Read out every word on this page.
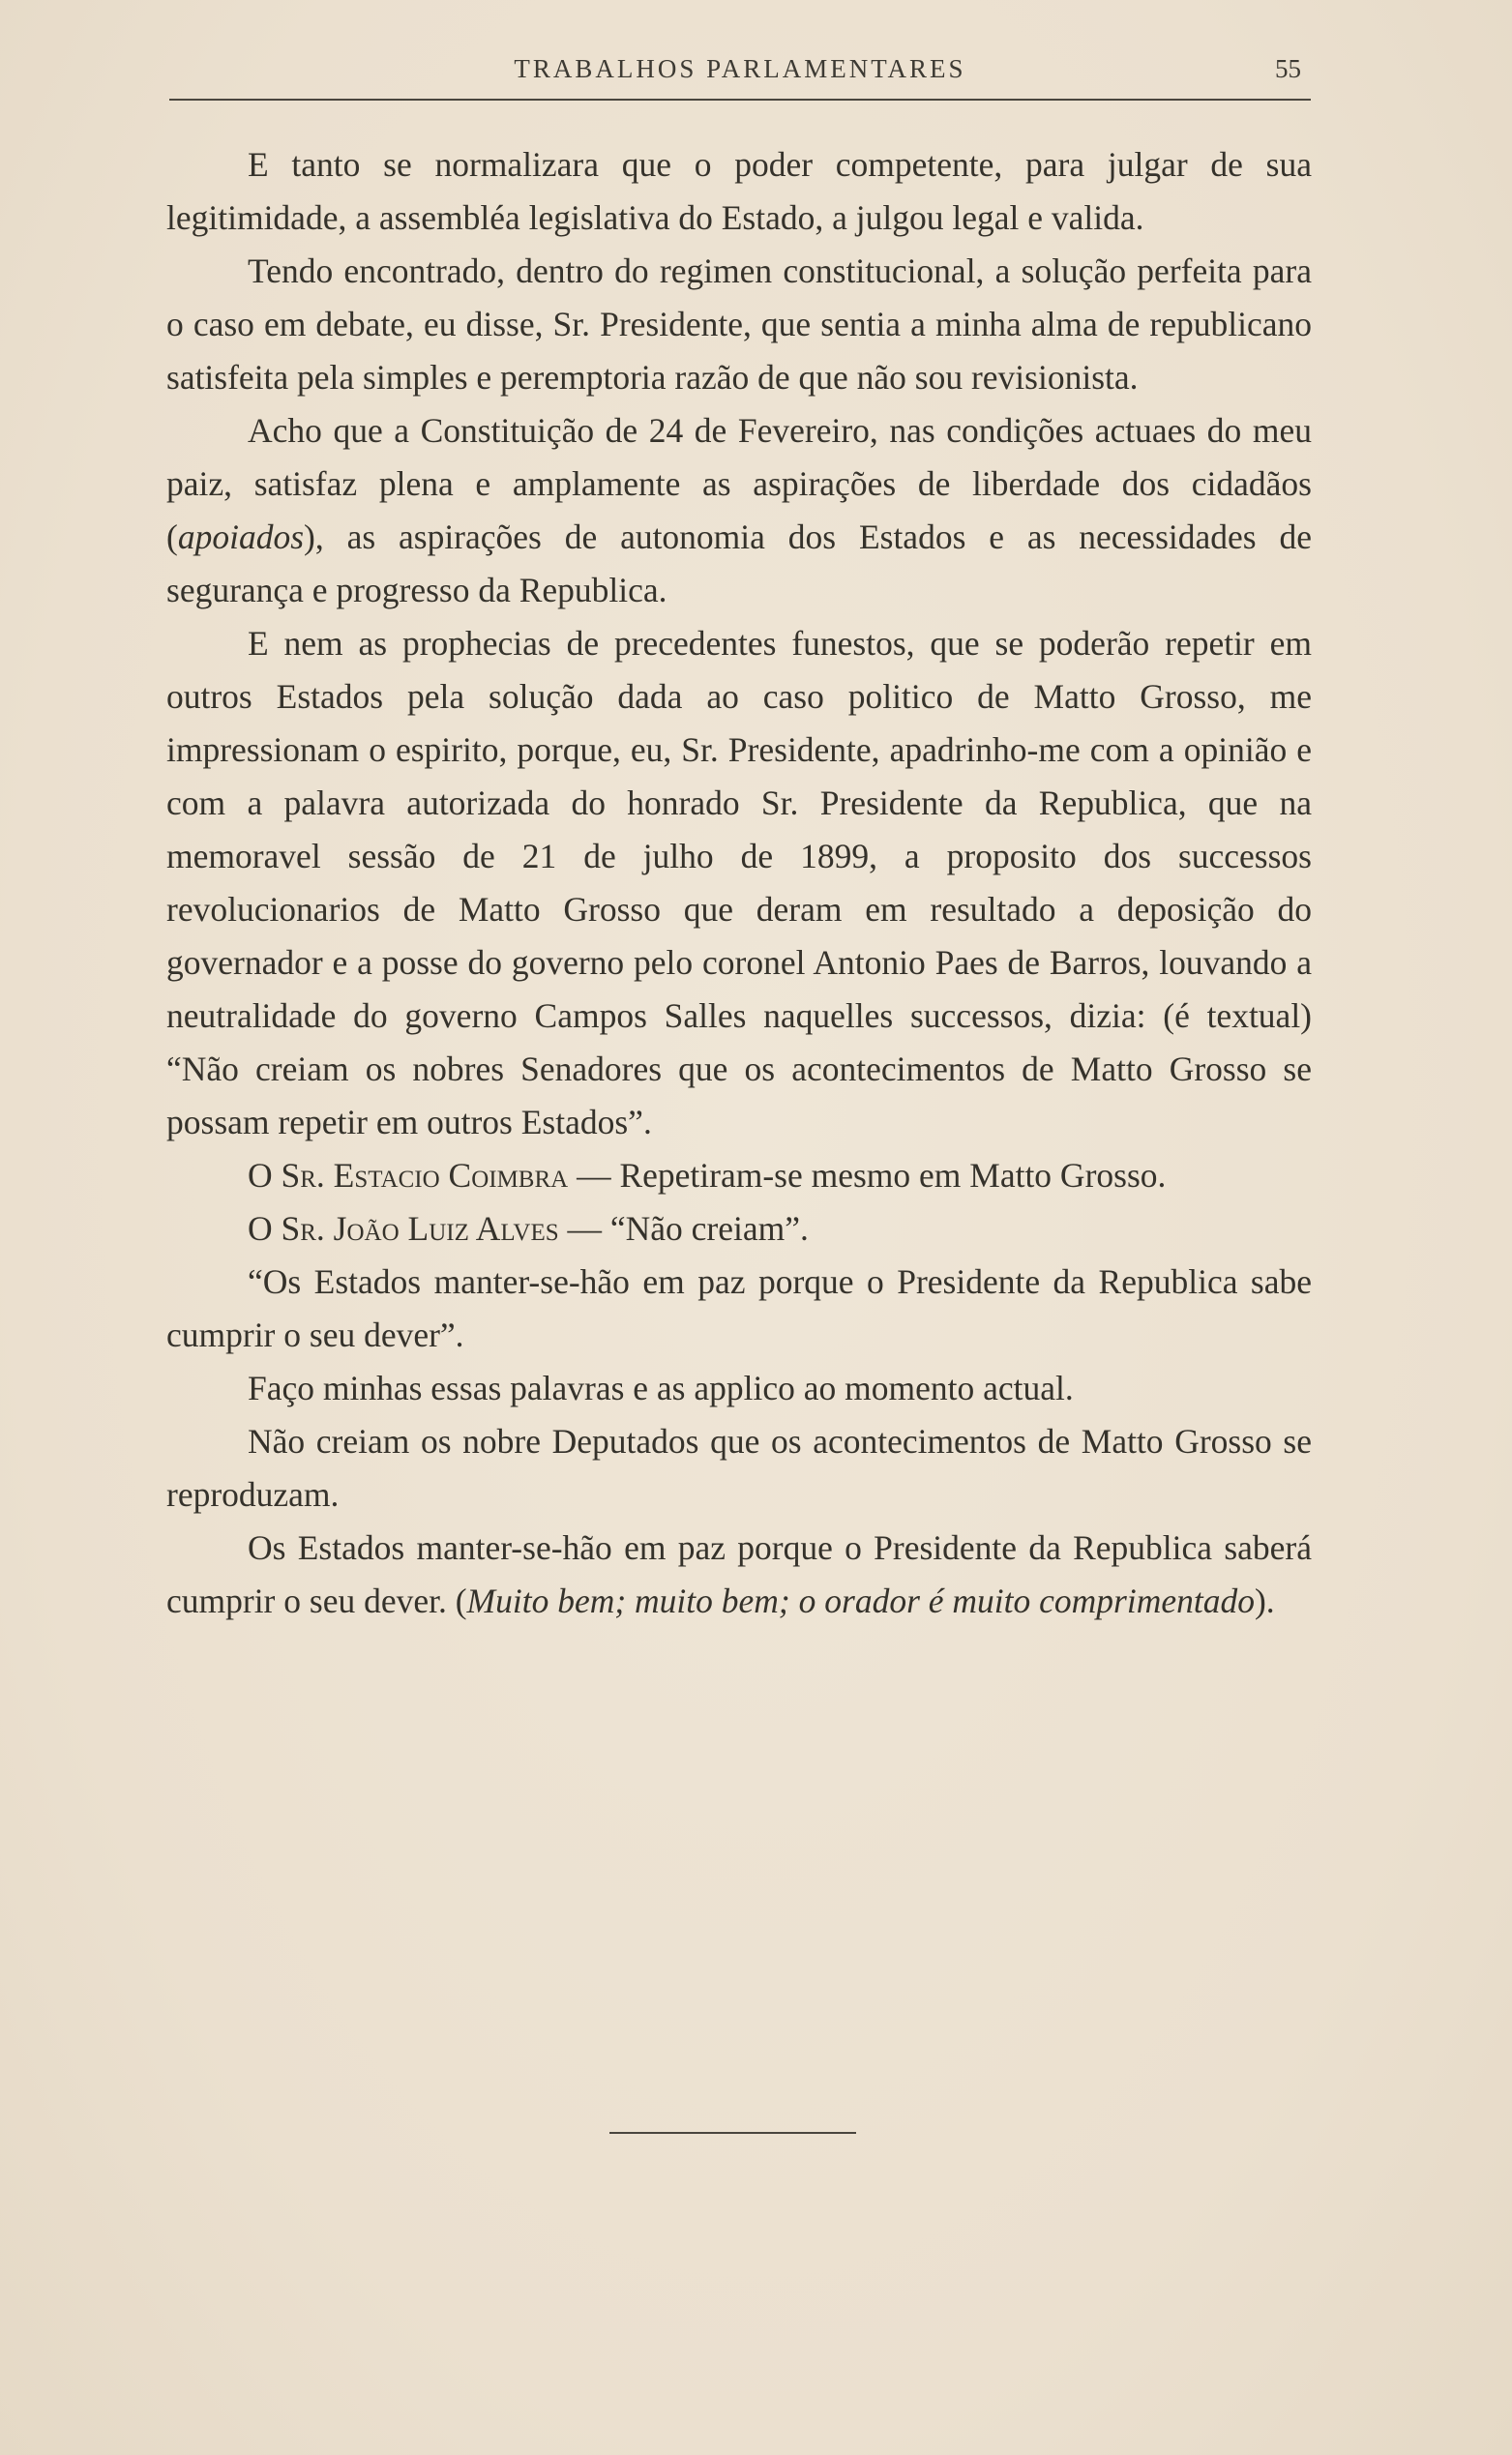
TRABALHOS PARLAMENTARES	55

E tanto se normalizara que o poder competente, para julgar de sua legitimidade, a assembléa legislativa do Estado, a julgou legal e valida.

Tendo encontrado, dentro do regimen constitucional, a solução perfeita para o caso em debate, eu disse, Sr. Presidente, que sentia a minha alma de republicano satisfeita pela simples e peremptoria razão de que não sou revisionista.

Acho que a Constituição de 24 de Fevereiro, nas condições actuaes do meu paiz, satisfaz plena e amplamente as aspirações de liberdade dos cidadãos (apoiados), as aspirações de autonomia dos Estados e as necessidades de segurança e progresso da Republica.

E nem as prophecias de precedentes funestos, que se poderão repetir em outros Estados pela solução dada ao caso politico de Matto Grosso, me impressionam o espirito, porque, eu, Sr. Presidente, apadrinho-me com a opinião e com a palavra autorizada do honrado Sr. Presidente da Republica, que na memoravel sessão de 21 de julho de 1899, a proposito dos successos revolucionarios de Matto Grosso que deram em resultado a deposição do governador e a posse do governo pelo coronel Antonio Paes de Barros, louvando a neutralidade do governo Campos Salles naquelles successos, dizia: (é textual) “Não creiam os nobres Senadores que os acontecimentos de Matto Grosso se possam repetir em outros Estados”.

O Sr. Estacio Coimbra — Repetiram-se mesmo em Matto Grosso.

O Sr. João Luiz Alves — “Não creiam”.

“Os Estados manter-se-hão em paz porque o Presidente da Republica sabe cumprir o seu dever”.

Faço minhas essas palavras e as applico ao momento actual.

Não creiam os nobre Deputados que os acontecimentos de Matto Grosso se reproduzam.

Os Estados manter-se-hão em paz porque o Presidente da Republica saberá cumprir o seu dever. (Muito bem; muito bem; o orador é muito comprimentado).
